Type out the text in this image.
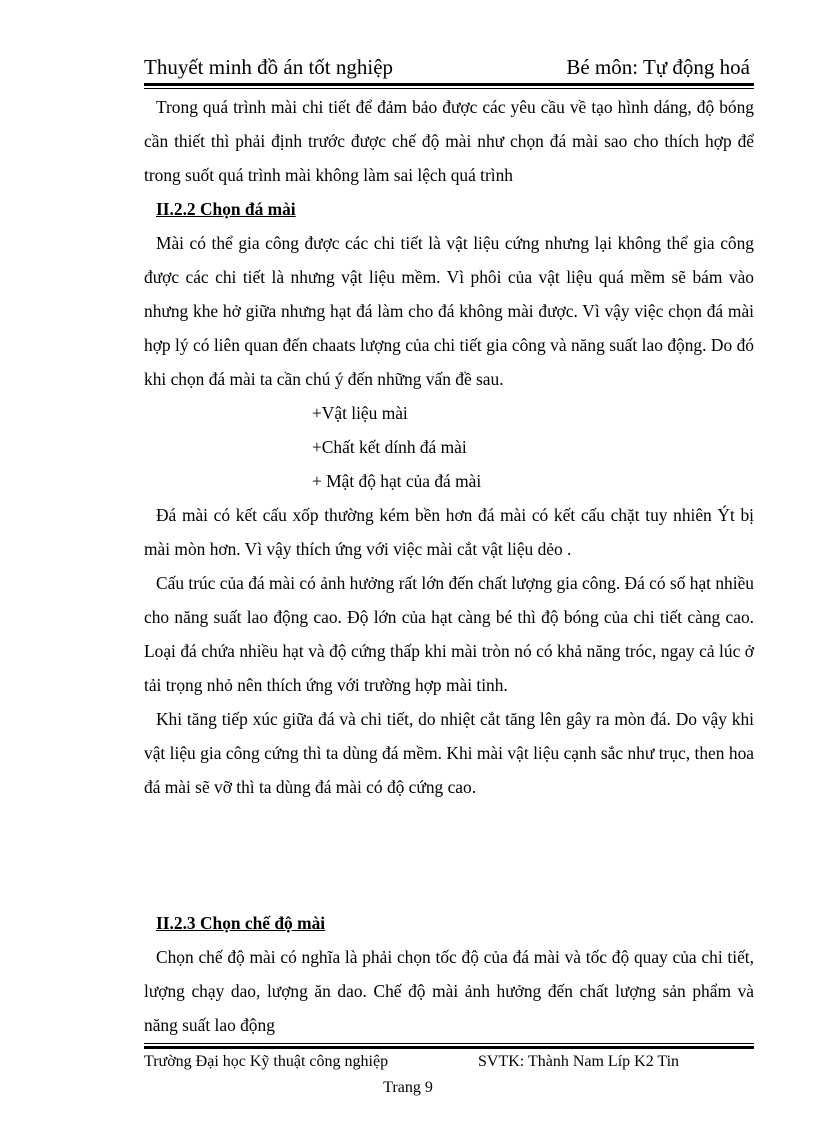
Thuyết minh đồ án tốt nghiệp	Bé môn: Tự động hoá

Trong quá trình mài chi tiết để đảm bảo được các yêu cầu về tạo hình dáng, độ bóng cần thiết thì phải định trước được chế độ mài như chọn đá mài sao cho thích hợp để trong suốt quá trình mài không làm sai lệch quá trình

II.2.2 Chọn đá mài

Mài có thể gia công được các chi tiết là vật liệu cứng nhưng lại không thể gia công được các chi tiết là nhưng vật liệu mềm. Vì phôi của vật liệu quá mềm sẽ bám vào nhưng khe hở giữa nhưng hạt đá làm cho đá không mài được. Vì vậy việc chọn đá mài hợp lý có liên quan đến chaats lượng của chi tiết gia công và năng suất lao động. Do đó khi chọn đá mài ta cần chú ý đến những vấn đề sau.

+Vật liệu mài

+Chất kết dính đá mài

+ Mật độ hạt của đá mài

Đá mài có kết cấu xốp thường kém bền hơn đá mài có kết cấu chặt tuy nhiên Ýt bị mài mòn hơn. Vì vậy thích ứng với việc mài cắt vật liệu dẻo .

Cấu trúc của đá mài có ảnh hưởng rất lớn đến chất lượng gia công. Đá có số hạt nhiều cho năng suất lao động cao. Độ lớn của hạt càng bé thì độ bóng của chi tiết càng cao. Loại đá chứa nhiều hạt và độ cứng thấp khi mài tròn nó có khả năng tróc, ngay cả lúc ở tải trọng nhỏ nên thích ứng với trường hợp mài tinh.

Khi tăng tiếp xúc giữa đá và chi tiết, do nhiệt cắt tăng lên gây ra mòn đá. Do vậy khi vật liệu gia công cứng thì ta dùng đá mềm. Khi mài vật liệu cạnh sắc như trục, then hoa đá mài sẽ vỡ thì ta dùng đá mài có độ cứng cao.

II.2.3 Chọn chế độ mài

Chọn chế độ mài có nghĩa là phải chọn tốc độ của đá mài và tốc độ quay của chi tiết, lượng chạy dao, lượng ăn dao. Chế độ mài ảnh hưởng đến chất lượng sản phẩm và năng suất lao động

Trường Đại học Kỹ thuật công nghiệp	SVTK: Thành Nam Líp K2 Tin
Trang 9
